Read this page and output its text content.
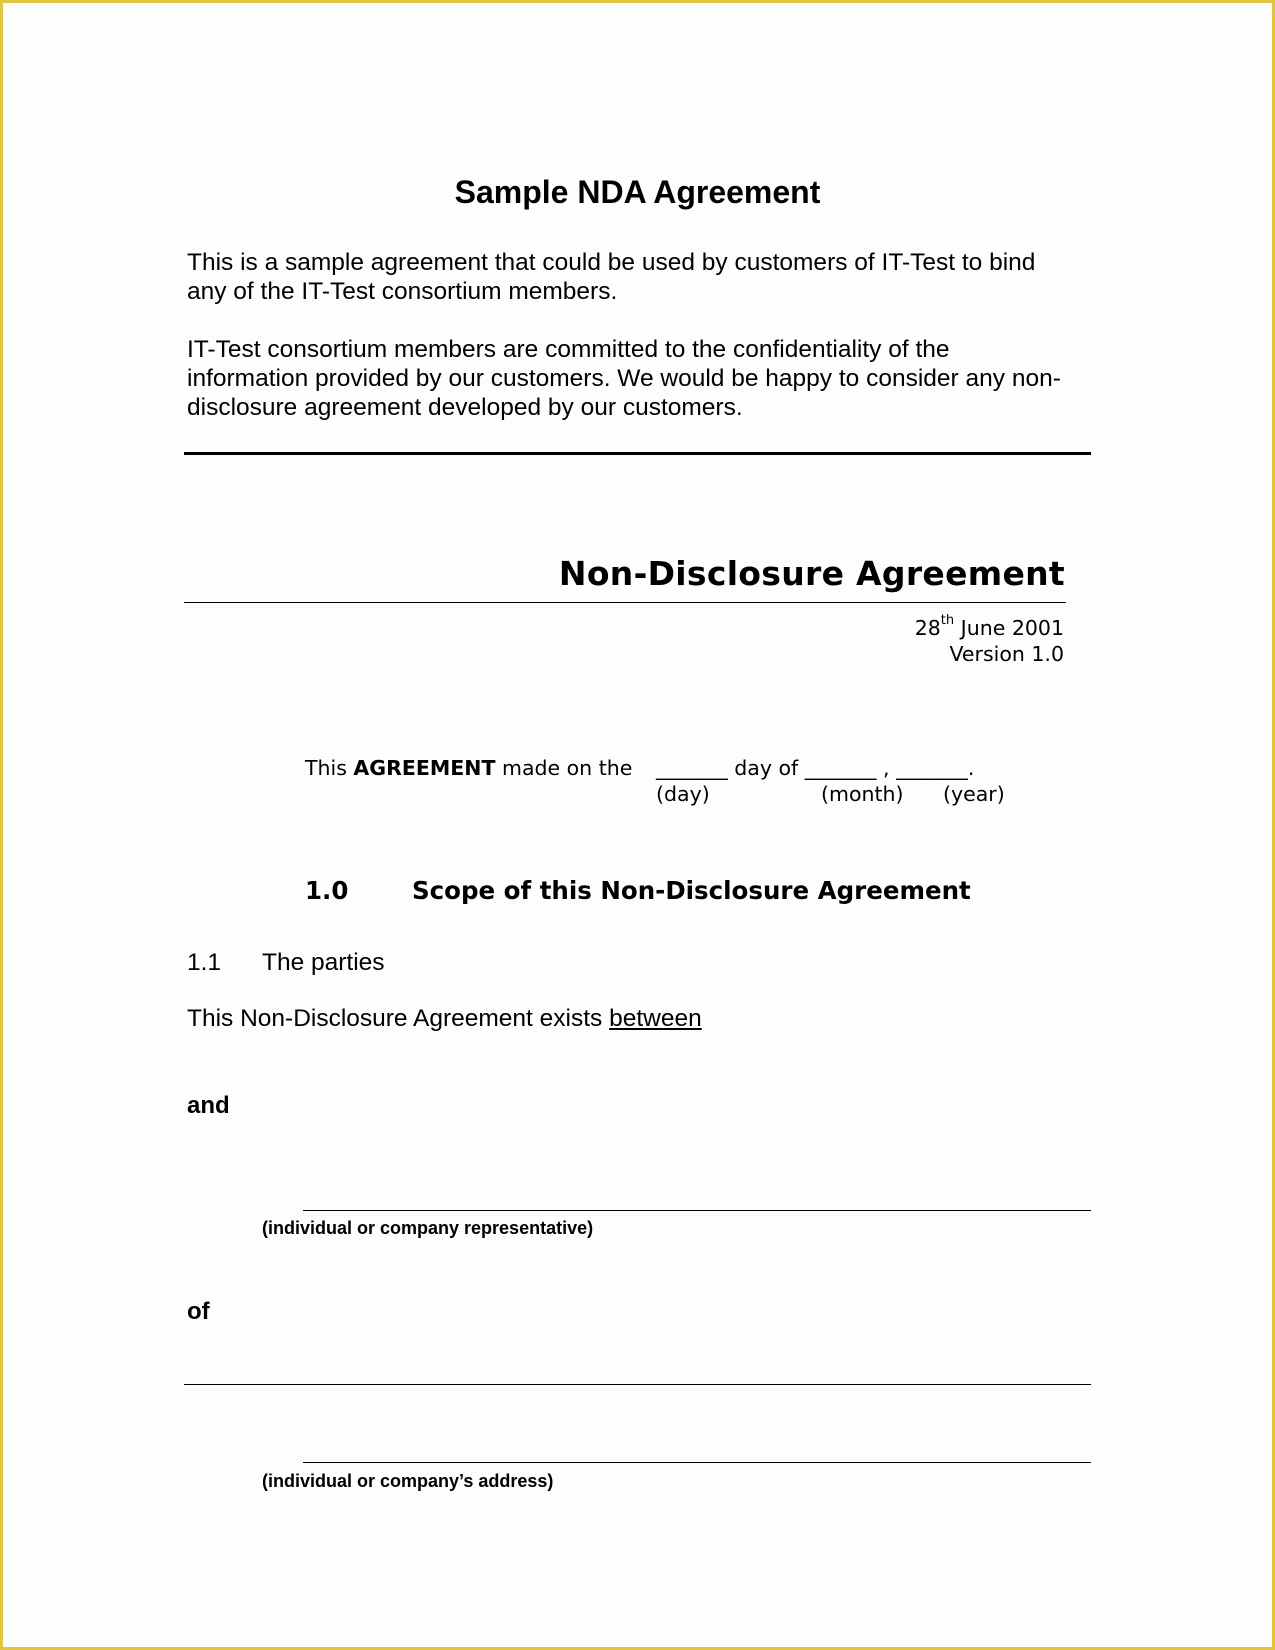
Sample NDA Agreement
This is a sample agreement that could be used by customers of IT-Test to bind
any of the IT-Test consortium members.
IT-Test consortium members are committed to the confidentiality of the
information provided by our customers. We would be happy to consider any non-
disclosure agreement developed by our customers.
Non-Disclosure Agreement
28th June 2001
Version 1.0
This AGREEMENT made on the _______ day of _______ , _______.
(day)	(month) (year)
1.0	Scope of this Non-Disclosure Agreement
1.1 The parties
This Non-Disclosure Agreement exists between
and
(individual or company representative)
of
(individual or company’s address)
